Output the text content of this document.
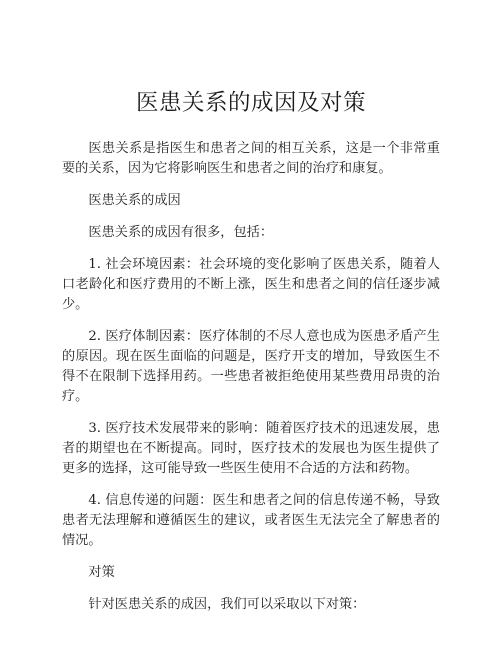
医患关系的成因及对策

医患关系是指医生和患者之间的相互关系，这是一个非常重要的关系，因为它将影响医生和患者之间的治疗和康复。

医患关系的成因

医患关系的成因有很多，包括：

1. 社会环境因素：社会环境的变化影响了医患关系，随着人口老龄化和医疗费用的不断上涨，医生和患者之间的信任逐步减少。

2. 医疗体制因素：医疗体制的不尽人意也成为医患矛盾产生的原因。现在医生面临的问题是，医疗开支的增加，导致医生不得不在限制下选择用药。一些患者被拒绝使用某些费用昂贵的治疗。

3. 医疗技术发展带来的影响：随着医疗技术的迅速发展，患者的期望也在不断提高。同时，医疗技术的发展也为医生提供了更多的选择，这可能导致一些医生使用不合适的方法和药物。

4. 信息传递的问题：医生和患者之间的信息传递不畅，导致患者无法理解和遵循医生的建议，或者医生无法完全了解患者的情况。

对策

针对医患关系的成因，我们可以采取以下对策：
